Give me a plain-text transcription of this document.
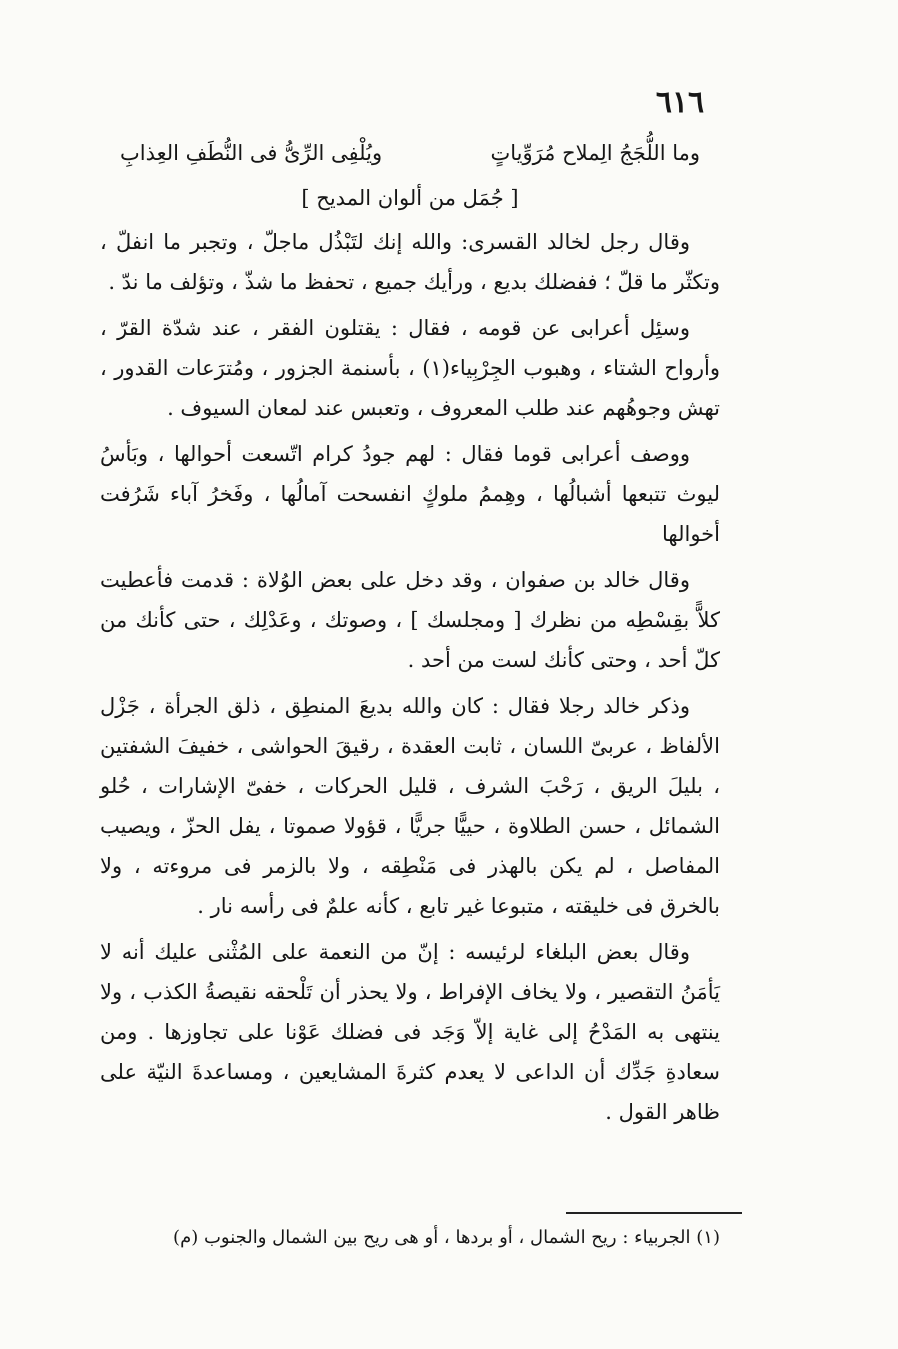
٦١٦
وما اللُّجَجُ الِملاح مُرَوِّياتٍ
ويُلْفِى الرِّىُّ فى النُّطَفِ العِذابِ
[ جُمَل من ألوان المديح ]

وقال رجل لخالد القسرى: والله إنك لتَبْذُل ماجلّ ، وتجبر ما انفلّ ، وتكثّر ما قلّ ؛ ففضلك بديع ، ورأيك جميع ، تحفظ ما شذّ ، وتؤلف ما ندّ .

وسئِل أعرابى عن قومه ، فقال : يقتلون الفقر ، عند شدّة القرّ ، وأرواح الشتاء ، وهبوب الجِرْبِياء(١) ، بأسنمة الجزور ، ومُترَعات القدور ، تهش وجوهُهم عند طلب المعروف ، وتعبس عند لمعان السيوف .

ووصف أعرابى قوما فقال : لهم جودُ كرام اتّسعت أحوالها ، وبَأسُ ليوث تتبعها أشبالُها ، وهِممُ ملوكٍ انفسحت آمالُها ، وفَخرُ آباء شَرُفت أخوالها

وقال خالد بن صفوان ، وقد دخل على بعض الوُلاة : قدمت فأعطيت كلاًّ بقِسْطِه من نظرك [ ومجلسك ] ، وصوتك ، وعَدْلِك ، حتى كأنك من كلّ أحد ، وحتى كأنك لست من أحد .

وذكر خالد رجلا فقال : كان والله بديعَ المنطِق ، ذلق الجرأة ، جَزْل الألفاظ ، عربىّ اللسان ، ثابت العقدة ، رقيقَ الحواشى ، خفيفَ الشفتين ، بليلَ الريق ، رَحْبَ الشرف ، قليل الحركات ، خفىّ الإشارات ، حُلو الشمائل ، حسن الطلاوة ، حييًّا جريًّا ، قؤولا صموتا ، يفل الحزّ ، ويصيب المفاصل ، لم يكن بالهذر فى مَنْطِقه ، ولا بالزمر فى مروءته ، ولا بالخرق فى خليقته ، متبوعا غير تابع ، كأنه علمٌ فى رأسه نار .

وقال بعض البلغاء لرئيسه : إنّ من النعمة على المُثْنى عليك أنه لا يَأمَنُ التقصير ، ولا يخاف الإفراط ، ولا يحذر أن تَلْحقه نقيصةُ الكذب ، ولا ينتهى به المَدْحُ إلى غاية إلاّ وَجَد فى فضلك عَوْنا على تجاوزها . ومن سعادةِ جَدِّك أن الداعى لا يعدم كثرةَ المشايعين ، ومساعدةَ النيّة على ظاهر القول .

(١) الجربياء : ريح الشمال ، أو بردها ، أو هى ريح بين الشمال والجنوب (م)
